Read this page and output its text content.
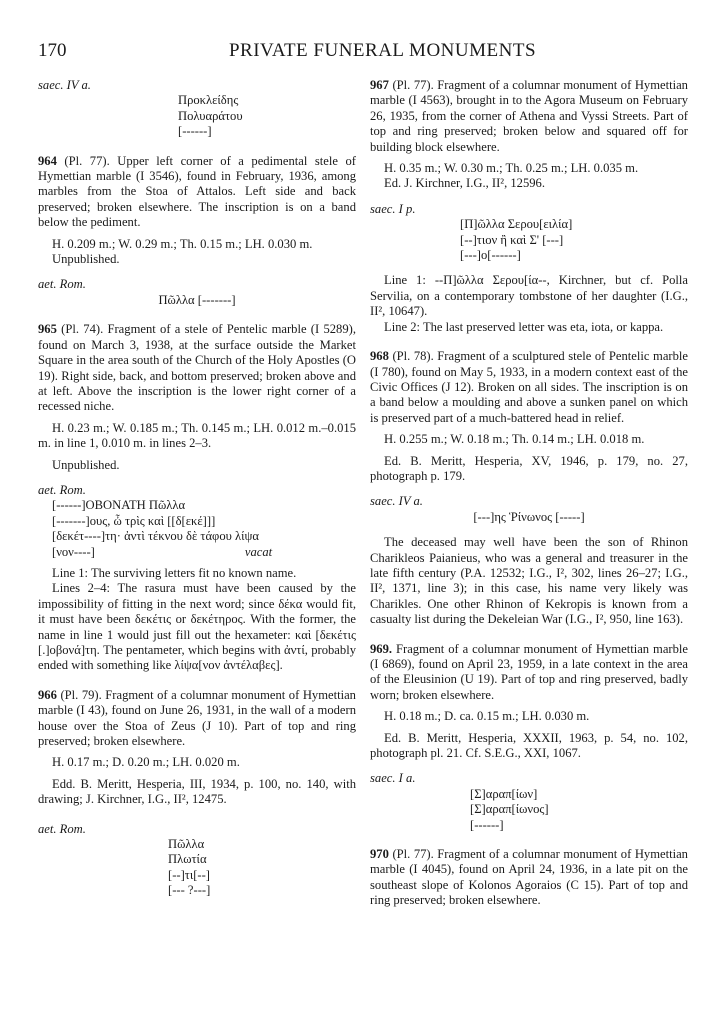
170	PRIVATE FUNERAL MONUMENTS

saec. IV a.

Προκλείδης

Πολυαράτου

[------]

964 (Pl. 77). Upper left corner of a pedimental stele of Hymettian marble (I 3546), found in February, 1936, among marbles from the Stoa of Attalos. Left side and back preserved; broken elsewhere. The inscription is on a band below the pediment.

H. 0.209 m.; W. 0.29 m.; Th. 0.15 m.; LH. 0.030 m.

Unpublished.

aet. Rom.

Πῶλλα [-------]

965 (Pl. 74). Fragment of a stele of Pentelic marble (I 5289), found on March 3, 1938, at the surface outside the Market Square in the area south of the Church of the Holy Apostles (O 19). Right side, back, and bottom preserved; broken above and at left. Above the inscription is the lower right corner of a recessed niche.

H. 0.23 m.; W. 0.185 m.; Th. 0.145 m.; LH. 0.012 m.–0.015 m. in line 1, 0.010 m. in lines 2–3.

Unpublished.

aet. Rom.

[------]ΟΒΟΝΑΤΗ Πῶλλα

[-------]ους, ὦ τρὶς καὶ [[δ[εκέ]]]

[δεκέτ----]τη· ἀντὶ τέκνου δὲ τάφου λίψα

[νον----]	vacat

Line 1: The surviving letters fit no known name.

Lines 2–4: The rasura must have been caused by the impossibility of fitting in the next word; since δέκα would fit, it must have been δεκέτις or δεκέτηρος. With the former, the name in line 1 would just fill out the hexameter: καὶ [δεκέτις [.]οβονά]τη. The pentameter, which begins with ἀντί, probably ended with something like λίψα[νον ἀντέλαβες].

966 (Pl. 79). Fragment of a columnar monument of Hymettian marble (I 43), found on June 26, 1931, in the wall of a modern house over the Stoa of Zeus (J 10). Part of top and ring preserved; broken elsewhere.

H. 0.17 m.; D. 0.20 m.; LH. 0.020 m.

Edd. B. Meritt, Hesperia, III, 1934, p. 100, no. 140, with drawing; J. Kirchner, I.G., II², 12475.

aet. Rom.

Πῶλλα

Πλωτία

[--]τι[--]

[--- ?---]

967 (Pl. 77). Fragment of a columnar monument of Hymettian marble (I 4563), brought in to the Agora Museum on February 26, 1935, from the corner of Athena and Vyssi Streets. Part of top and ring preserved; broken below and squared off for building block elsewhere.

H. 0.35 m.; W. 0.30 m.; Th. 0.25 m.; LH. 0.035 m.

Ed. J. Kirchner, I.G., II², 12596.

saec. I p.

[Π]ῶλλα Σερου[ειλία]

[--]τιον ἢ καὶ Σ' [---]

[---]ο[------]

Line 1: --Π]ῶλλα Σερου[ία--, Kirchner, but cf. Polla Servilia, on a contemporary tombstone of her daughter (I.G., II², 10647).

Line 2: The last preserved letter was eta, iota, or kappa.

968 (Pl. 78). Fragment of a sculptured stele of Pentelic marble (I 780), found on May 5, 1933, in a modern context east of the Civic Offices (J 12). Broken on all sides. The inscription is on a band below a moulding and above a sunken panel on which is preserved part of a much-battered head in relief.

H. 0.255 m.; W. 0.18 m.; Th. 0.14 m.; LH. 0.018 m.

Ed. B. Meritt, Hesperia, XV, 1946, p. 179, no. 27, photograph p. 179.

saec. IV a.

[---]ης Ῥίνωνος [-----]

The deceased may well have been the son of Rhinon Charikleos Paianieus, who was a general and treasurer in the late fifth century (P.A. 12532; I.G., I², 302, lines 26–27; I.G., II², 1371, line 3); in this case, his name very likely was Charikles. One other Rhinon of Kekropis is known from a casualty list during the Dekeleian War (I.G., I², 950, line 163).

969. Fragment of a columnar monument of Hymettian marble (I 6869), found on April 23, 1959, in a late context in the area of the Eleusinion (U 19). Part of top and ring preserved, badly worn; broken elsewhere.

H. 0.18 m.; D. ca. 0.15 m.; LH. 0.030 m.

Ed. B. Meritt, Hesperia, XXXII, 1963, p. 54, no. 102, photograph pl. 21. Cf. S.E.G., XXI, 1067.

saec. I a.

[Σ]αραπ[ίων]

[Σ]αραπ[ίωνος]

[------]

970 (Pl. 77). Fragment of a columnar monument of Hymettian marble (I 4045), found on April 24, 1936, in a late pit on the southeast slope of Kolonos Agoraios (C 15). Part of top and ring preserved; broken elsewhere.
